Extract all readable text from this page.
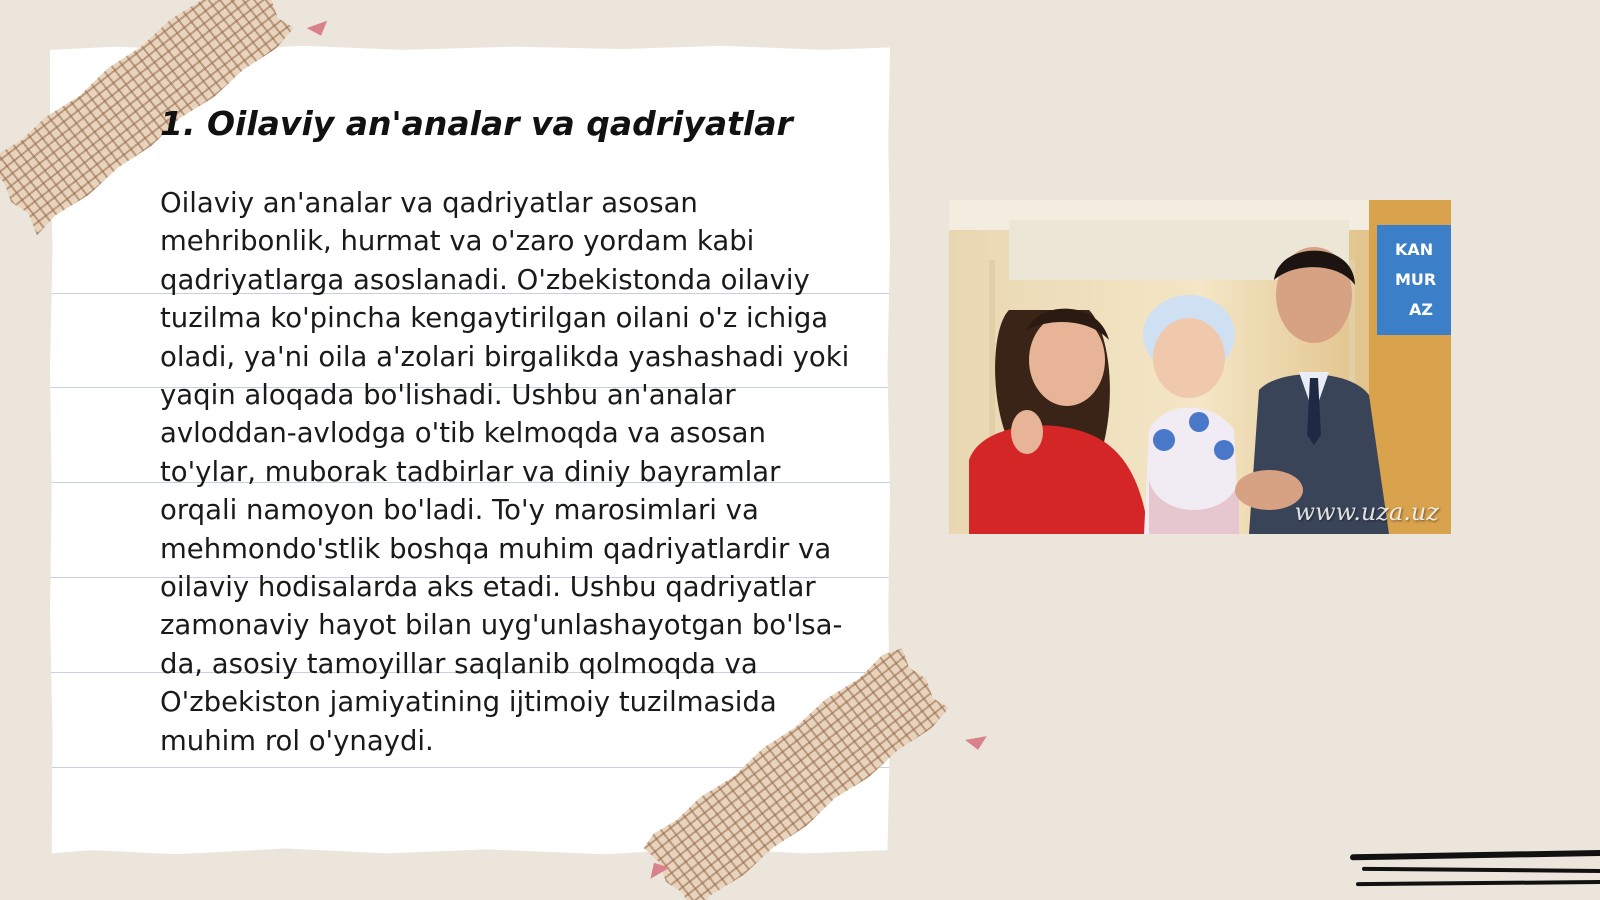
1. Oilaviy an'analar va qadriyatlar

Oilaviy an'analar va qadriyatlar asosan mehribonlik, hurmat va o'zaro yordam kabi qadriyatlarga asoslanadi. O'zbekistonda oilaviy tuzilma ko'pincha kengaytirilgan oilani o'z ichiga oladi, ya'ni oila a'zolari birgalikda yashashadi yoki yaqin aloqada bo'lishadi. Ushbu an'analar avloddan-avlodga o'tib kelmoqda va asosan to'ylar, muborak tadbirlar va diniy bayramlar orqali namoyon bo'ladi. To'y marosimlari va mehmondo'stlik boshqa muhim qadriyatlardir va oilaviy hodisalarda aks etadi. Ushbu qadriyatlar zamonaviy hayot bilan uyg'unlashayotgan bo'lsa-da, asosiy tamoyillar saqlanib qolmoqda va O'zbekiston jamiyatining ijtimoiy tuzilmasida muhim rol o'ynaydi.

KAN
MUR
AZ
www.uza.uz
